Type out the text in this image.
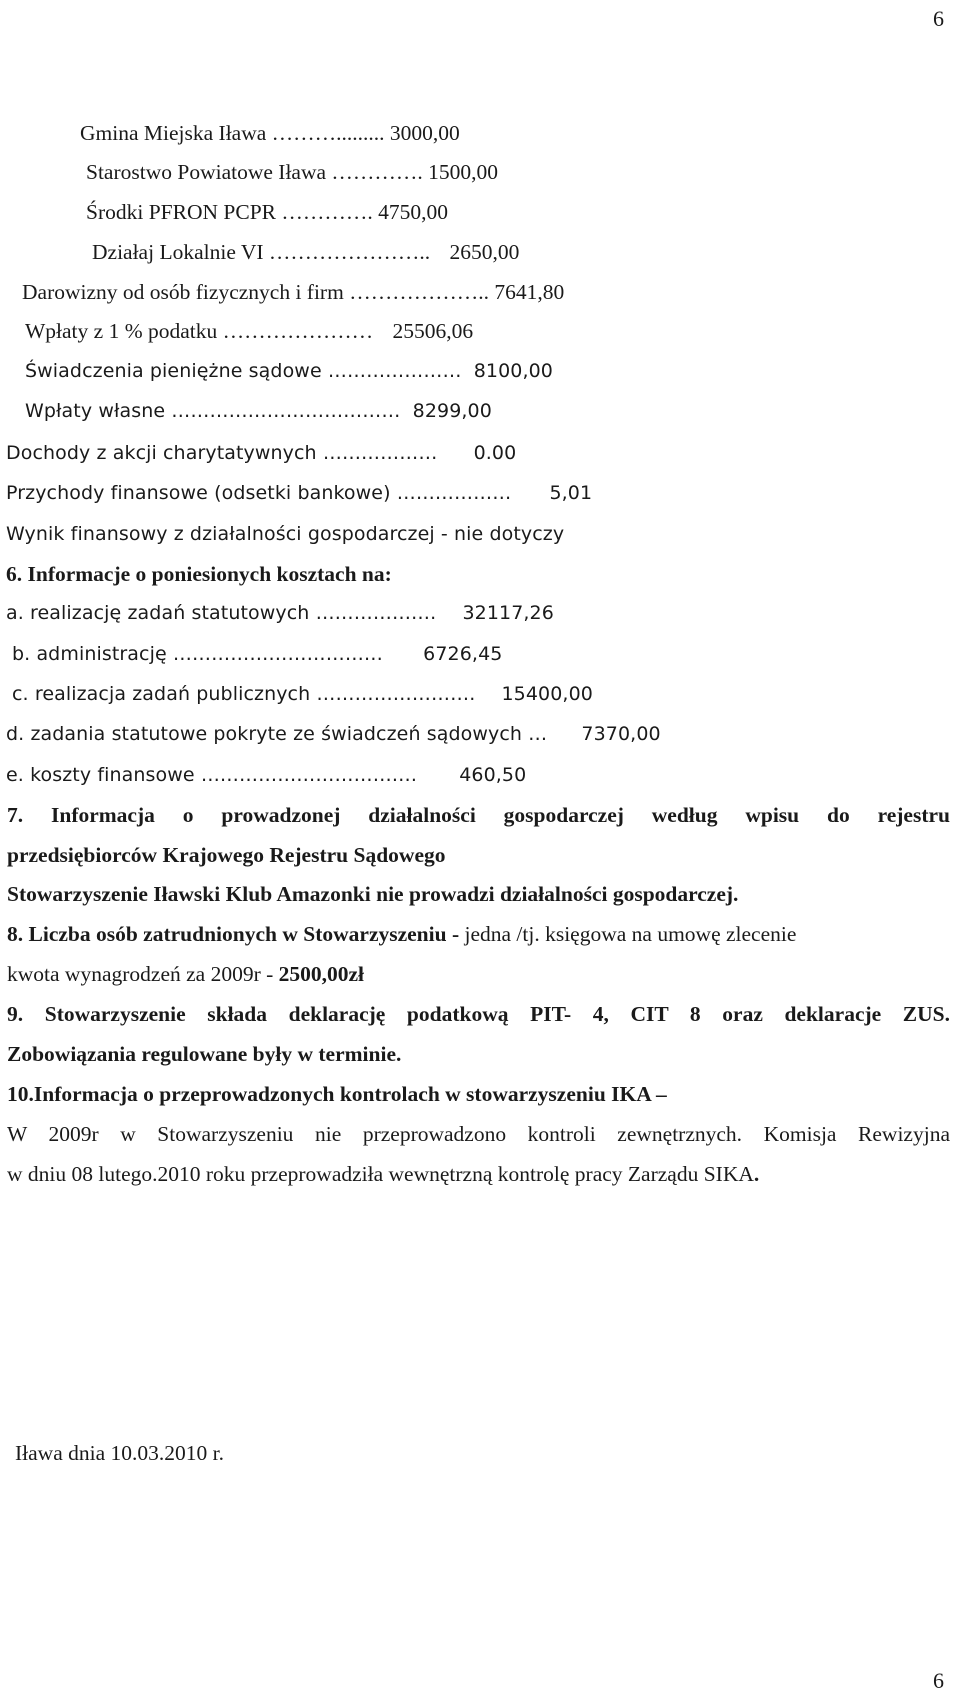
6
Gmina Miejska Iława ………......... 3000,00
Starostwo Powiatowe Iława …………. 1500,00
Środki PFRON PCPR …………. 4750,00
Działaj Lokalnie VI ………………….. 2650,00
Darowizny od osób fizycznych i firm ……………….. 7641,80
Wpłaty z 1 % podatku ………………… 25506,06
Świadczenia pieniężne sądowe ………………… 8100,00
Wpłaty własne ……………………………… 8299,00
Dochody z akcji charytatywnych ……………… 0.00
Przychody finansowe (odsetki bankowe) ……………… 5,01
Wynik finansowy z działalności gospodarczej - nie dotyczy
6. Informacje o poniesionych kosztach na:
a. realizację zadań statutowych ………………. 32117,26
b. administrację …………………………… 6726,45
c. realizacja zadań publicznych ……………………. 15400,00
d. zadania statutowe pokryte ze świadczeń sądowych … 7370,00
e. koszty finansowe ……………………………. 460,50
7. Informacja o prowadzonej działalności gospodarczej według wpisu do rejestru
przedsiębiorców Krajowego Rejestru Sądowego
Stowarzyszenie Iławski Klub Amazonki nie prowadzi działalności gospodarczej.
8. Liczba osób zatrudnionych w Stowarzyszeniu - jedna /tj. księgowa na umowę zlecenie
kwota wynagrodzeń za 2009r - 2500,00zł
9. Stowarzyszenie składa deklarację podatkową PIT- 4, CIT 8 oraz deklaracje ZUS.
Zobowiązania regulowane były w terminie.
10.Informacja o przeprowadzonych kontrolach w stowarzyszeniu IKA –
W 2009r w Stowarzyszeniu nie przeprowadzono kontroli zewnętrznych. Komisja Rewizyjna
w dniu 08 lutego.2010 roku przeprowadziła wewnętrzną kontrolę pracy Zarządu SIKA.
Iława dnia 10.03.2010 r.
6
